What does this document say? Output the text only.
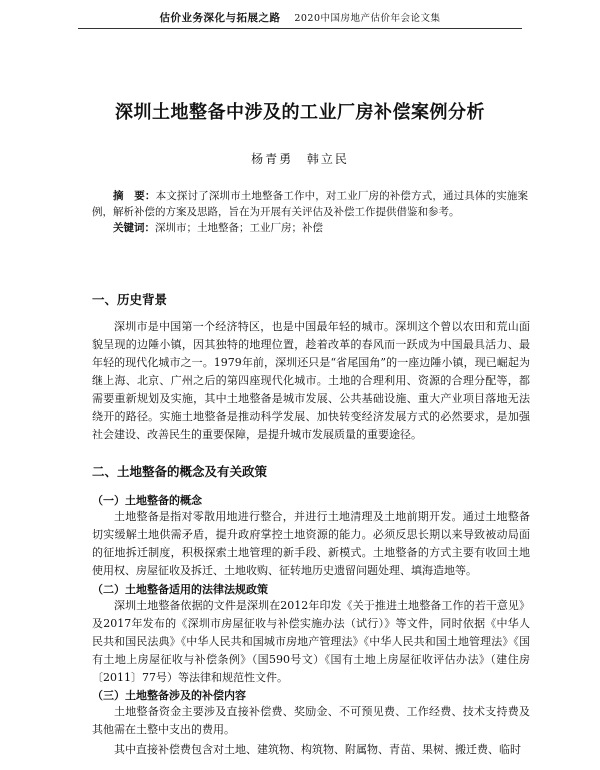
估价业务深化与拓展之路 2020中国房地产估价年会论文集
深圳土地整备中涉及的工业厂房补偿案例分析
杨青勇 韩立民
摘　要：本文探讨了深圳市土地整备工作中，对工业厂房的补偿方式，通过具体的实施案例，解析补偿的方案及思路，旨在为开展有关评估及补偿工作提供借鉴和参考。
关键词：深圳市；土地整备；工业厂房；补偿
一、历史背景
深圳市是中国第一个经济特区，也是中国最年轻的城市。深圳这个曾以农田和荒山面貌呈现的边陲小镇，因其独特的地理位置，趁着改革的春风而一跃成为中国最具活力、最年轻的现代化城市之一。1979年前，深圳还只是“省尾国角”的一座边陲小镇，现已崛起为继上海、北京、广州之后的第四座现代化城市。土地的合理利用、资源的合理分配等，都需要重新规划及实施，其中土地整备是城市发展、公共基础设施、重大产业项目落地无法绕开的路径。实施土地整备是推动科学发展、加快转变经济发展方式的必然要求，是加强社会建设、改善民生的重要保障，是提升城市发展质量的重要途径。
二、土地整备的概念及有关政策
（一）土地整备的概念
土地整备是指对零散用地进行整合，并进行土地清理及土地前期开发。通过土地整备切实缓解土地供需矛盾，提升政府掌控土地资源的能力。必须反思长期以来导致被动局面的征地拆迁制度，积极探索土地管理的新手段、新模式。土地整备的方式主要有收回土地使用权、房屋征收及拆迁、土地收购、征转地历史遗留问题处理、填海造地等。
（二）土地整备适用的法律法规政策
深圳土地整备依据的文件是深圳在2012年印发《关于推进土地整备工作的若干意见》及2017年发布的《深圳市房屋征收与补偿实施办法（试行）》等文件，同时依据《中华人民共和国民法典》《中华人民共和国城市房地产管理法》《中华人民共和国土地管理法》《国有土地上房屋征收与补偿条例》（国590号文）《国有土地上房屋征收评估办法》（建住房〔2011〕77号）等法律和规范性文件。
（三）土地整备涉及的补偿内容
土地整备资金主要涉及直接补偿费、奖励金、不可预见费、工作经费、技术支持费及其他需在土整中支出的费用。
其中直接补偿费包含对土地、建筑物、构筑物、附属物、青苗、果树、搬迁费、临时
